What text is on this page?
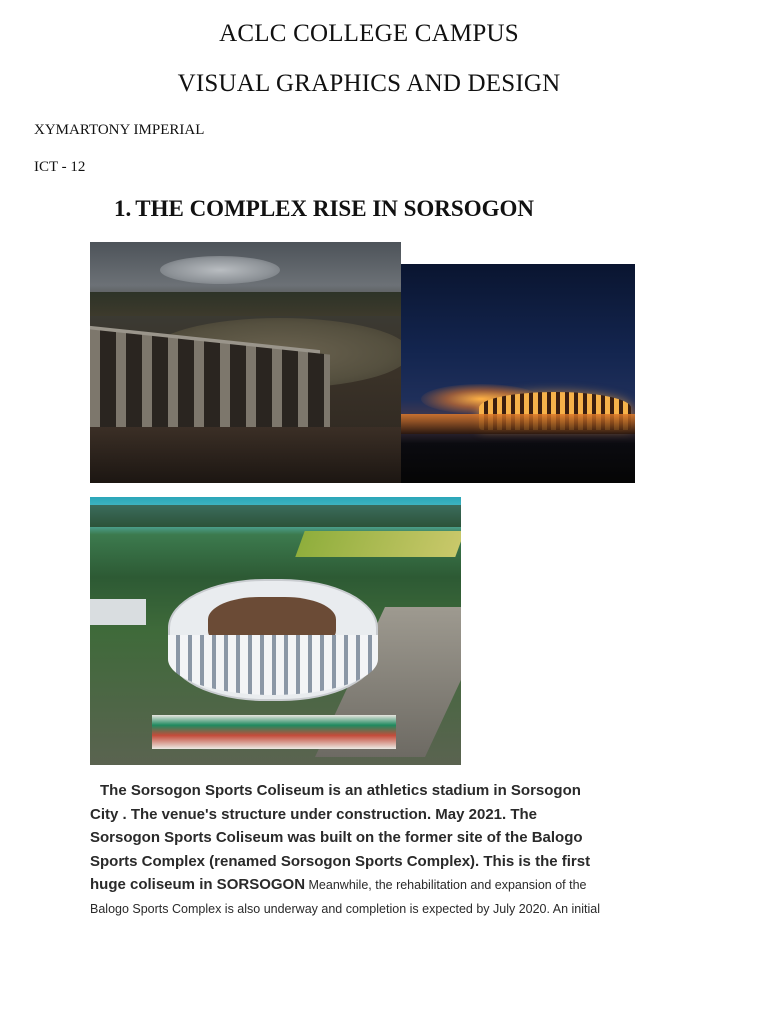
ACLC COLLEGE CAMPUS
VISUAL GRAPHICS AND DESIGN
XYMARTONY IMPERIAL
ICT - 12
1. THE COMPLEX RISE IN SORSOGON
The Sorsogon Sports Coliseum is an athletics stadium in Sorsogon
City . The venue's structure under construction. May 2021. The
Sorsogon Sports Coliseum was built on the former site of the Balogo
Sports Complex (renamed Sorsogon Sports Complex). This is the first
huge coliseum in SORSOGON Meanwhile, the rehabilitation and expansion of the
Balogo Sports Complex is also underway and completion is expected by July 2020. An initial
